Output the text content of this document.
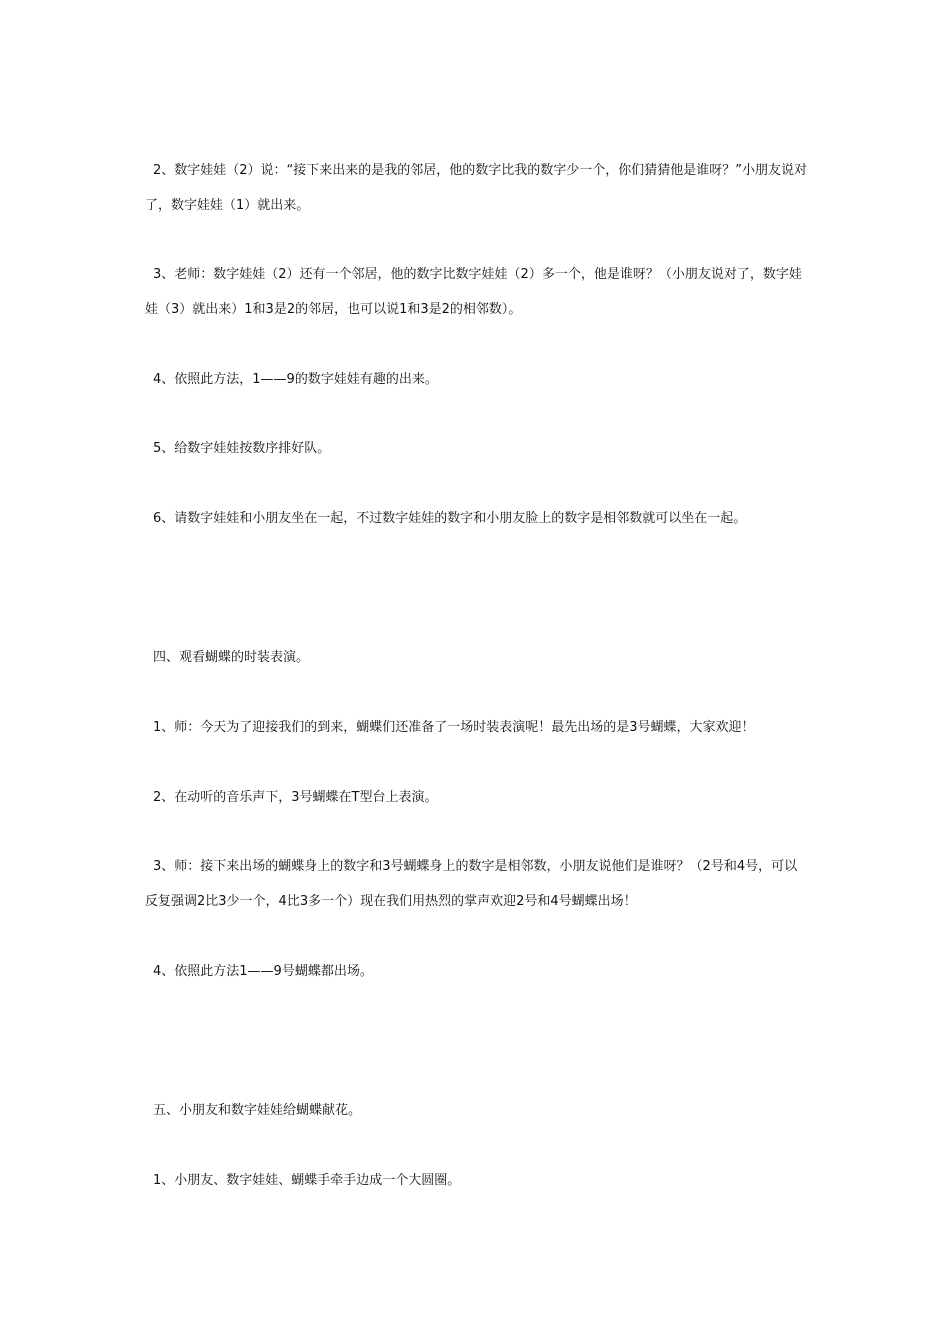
2、数字娃娃（2）说：“接下来出来的是我的邻居，他的数字比我的数字少一个，你们猜猜他是谁呀？”小朋友说对了，数字娃娃（1）就出来。

3、老师：数字娃娃（2）还有一个邻居，他的数字比数字娃娃（2）多一个，他是谁呀？（小朋友说对了，数字娃娃（3）就出来）1和3是2的邻居，也可以说1和3是2的相邻数）。

4、依照此方法，1——9的数字娃娃有趣的出来。

5、给数字娃娃按数序排好队。

6、请数字娃娃和小朋友坐在一起，不过数字娃娃的数字和小朋友脸上的数字是相邻数就可以坐在一起。

四、观看蝴蝶的时装表演。

1、师：今天为了迎接我们的到来，蝴蝶们还准备了一场时装表演呢！最先出场的是3号蝴蝶，大家欢迎！

2、在动听的音乐声下，3号蝴蝶在T型台上表演。

3、师：接下来出场的蝴蝶身上的数字和3号蝴蝶身上的数字是相邻数，小朋友说他们是谁呀？（2号和4号，可以反复强调2比3少一个，4比3多一个）现在我们用热烈的掌声欢迎2号和4号蝴蝶出场！

4、依照此方法1——9号蝴蝶都出场。

五、小朋友和数字娃娃给蝴蝶献花。

1、小朋友、数字娃娃、蝴蝶手牵手边成一个大圆圈。
